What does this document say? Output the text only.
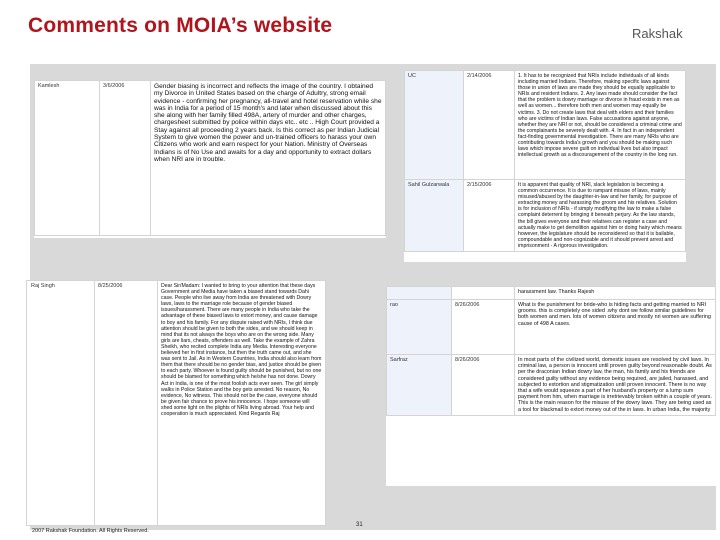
Comments on MOIA’s website	Rakshak
Kamlesh	3/6/2006	Gender biasing is incorrect and reflects the image of the country. I obtained my Divorce in United States based on the charge of Adultry, strong email evidence - confirming her pregnancy, all-travel and hotel reservation while she was in India for a period of 15 month's and later when discussed about this she along with her family filled 498A, artery of murder and other charges, chargesheet submitted by police within days etc.. etc .. High Court provided a Stay against all proceeding 2 years back. Is this correct as per Indian Judicial System to give women the power and un-trained officers to harass your own Citizens who work and earn respect for your Nation. Ministry of Overseas Indians is of No Use and awaits for a day and opportunity to extract dollars when NRI are in trouble.
UC	2/14/2006	1. It has to be recognized that NRIs include individuals of all kinds including married Indians. Therefore, making specific laws against those in union of laws are made they should be equally applicable to NRIs and resident Indians. 2. Any laws made should consider the fact that the problem is dowry marriage or divorce in fraud exists in men as well as women... therefore both men and women may equally be victims. 3. Do not create laws that deal with elders and their families who are victims of Indian laws. False accusations against anyone, whether they are NRI or not, should be considered a criminal crime and the complainants be severely dealt with. 4. In fact in an independent fact-finding governmental investigation. There are many NRIs who are contributing towards India's growth and you should be making such laws which impose severe guilt on individual lives but also impact intellectual growth as a discouragement of the country in the long run.
Sahil Gulzarwala	2/15/2006	It is apparent that quality of NRI, slack legislation is becoming a common occurrence. It is due to rampant misuse of laws, mainly misused/abused by the daughter-in-law and her family, for purpose of extracting money and harassing the groom and his relatives. Solution is for inclusion of NRIs - if simply modifying the law to make a false complaint deterrent by bringing it beneath perjury. As the law stands, the bill gives everyone and their relatives can register a case and actually make to get demolition against him or doing hairy which means however, the legislature should be reconsidered so that it is bailable, compoundable and non-cognizable and it should prevent arrest and imprisonment - A rigorous investigation.
Raj Singh	8/25/2006	Dear Sir/Madam: I wanted to bring to your attention that these days Government and Media have taken a biased stand towards Dahi case. People who live away from India are threatened with Dowry laws, laws to the marriage role because of gender biased issues/harassment. There are many people in India who take the advantage of these biased laws to extort money, and cause damage to boy and his family. For any dispute raised with NRIs, I think due attention should be given to both the sides, and we should keep in mind that its not always the boys who are on the wrong side. Many girls are liars, cheats, offenders as well. Take the example of Zahra Sheikh, who recited complete India any Media. Interesting everyone believed her in first instance, but then the truth came out, and she was sent to Jail. As in Western Countries, India should also learn from them that there should be no gender bias, and justice should be given to each party. Whoever is found guilty should be punished, but no one should be blamed for something which he/she has not done. Dowry Act in India, is one of the most foolish acts ever seen. The girl simply walks in Police Station and the boy gets arrested. No reason, No evidence, No witness. This should not be the case, everyone should be given fair chance to prove his innocence. I hope someone will shed some light on the plights of NRIs living abroad. Your help and cooperation is much appreciated. Kind Regards Raj
		harassment law. Thanks Rajesh
rao	8/26/2006	What is the punishment for bride-who is hiding facts and getting married to NRI grooms. this is completely one sided .why dont we follow similar guidelines for both women and men. lots of women citizens and mostly nri women are suffering cause of 498 A cases.
Sarfraz	8/26/2006	In most parts of the civilized world, domestic issues are resolved by civil laws. In criminal law, a person is innocent until proven guilty beyond reasonable doubt. As per the draconian Indian dowry law, the man, his family and his friends are considered guilty without any evidence being required, are jailed, harassed, and subjected to extortion and stigmatization until proven innocent. There is no way that a wife would squeeze a part of her husband's property or a lump sum payment from him, when marriage is irretrievably broken within a couple of years. This is the main reason for the misuse of the dowry laws. They are being used as a tool for blackmail to extort money out of the in laws. In urban India, the majority
2007 Rakshak Foundation. All Rights Reserved.
31
